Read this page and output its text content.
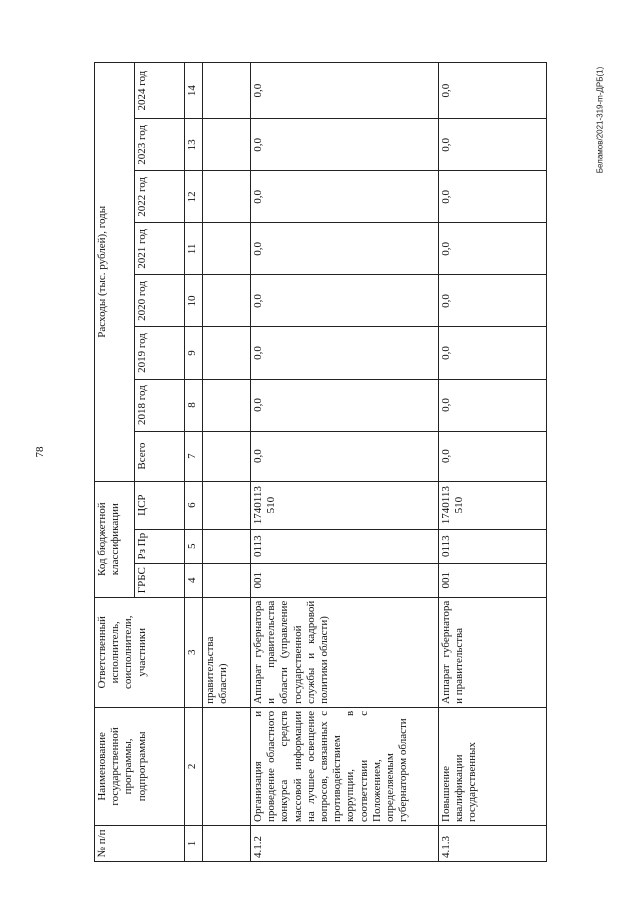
78
Беламов/2021-319-m-ДРБ(1)
№ п/п	Наименование государственной программы, подпрограммы	Ответственный исполнитель, соисполнители, участники	Код бюджетной классификации			Расходы (тыс. рублей), годы							
			ГРБС	Рз Пр	ЦСР	Всего	2018 год	2019 год	2020 год	2021 год	2022 год	2023 год	2024 год
1	2	3	4	5	6	7	8	9	10	11	12	13	14
		правительства области)											
4.1.2	Организация и проведение областного конкурса средств массовой информации на лучшее освещение вопросов, связанных с противодействием коррупции, в соответствии с Положением, определяемым губернатором области	Аппарат губернатора и правительства области (управление государственной службы и кадровой политики области)	001	0113	1740113510	0,0	0,0	0,0	0,0	0,0	0,0	0,0	0,0
4.1.3	Повышение квалификации государственных	Аппарат губернатора и правительства	001	0113	1740113510	0,0	0,0	0,0	0,0	0,0	0,0	0,0	0,0
